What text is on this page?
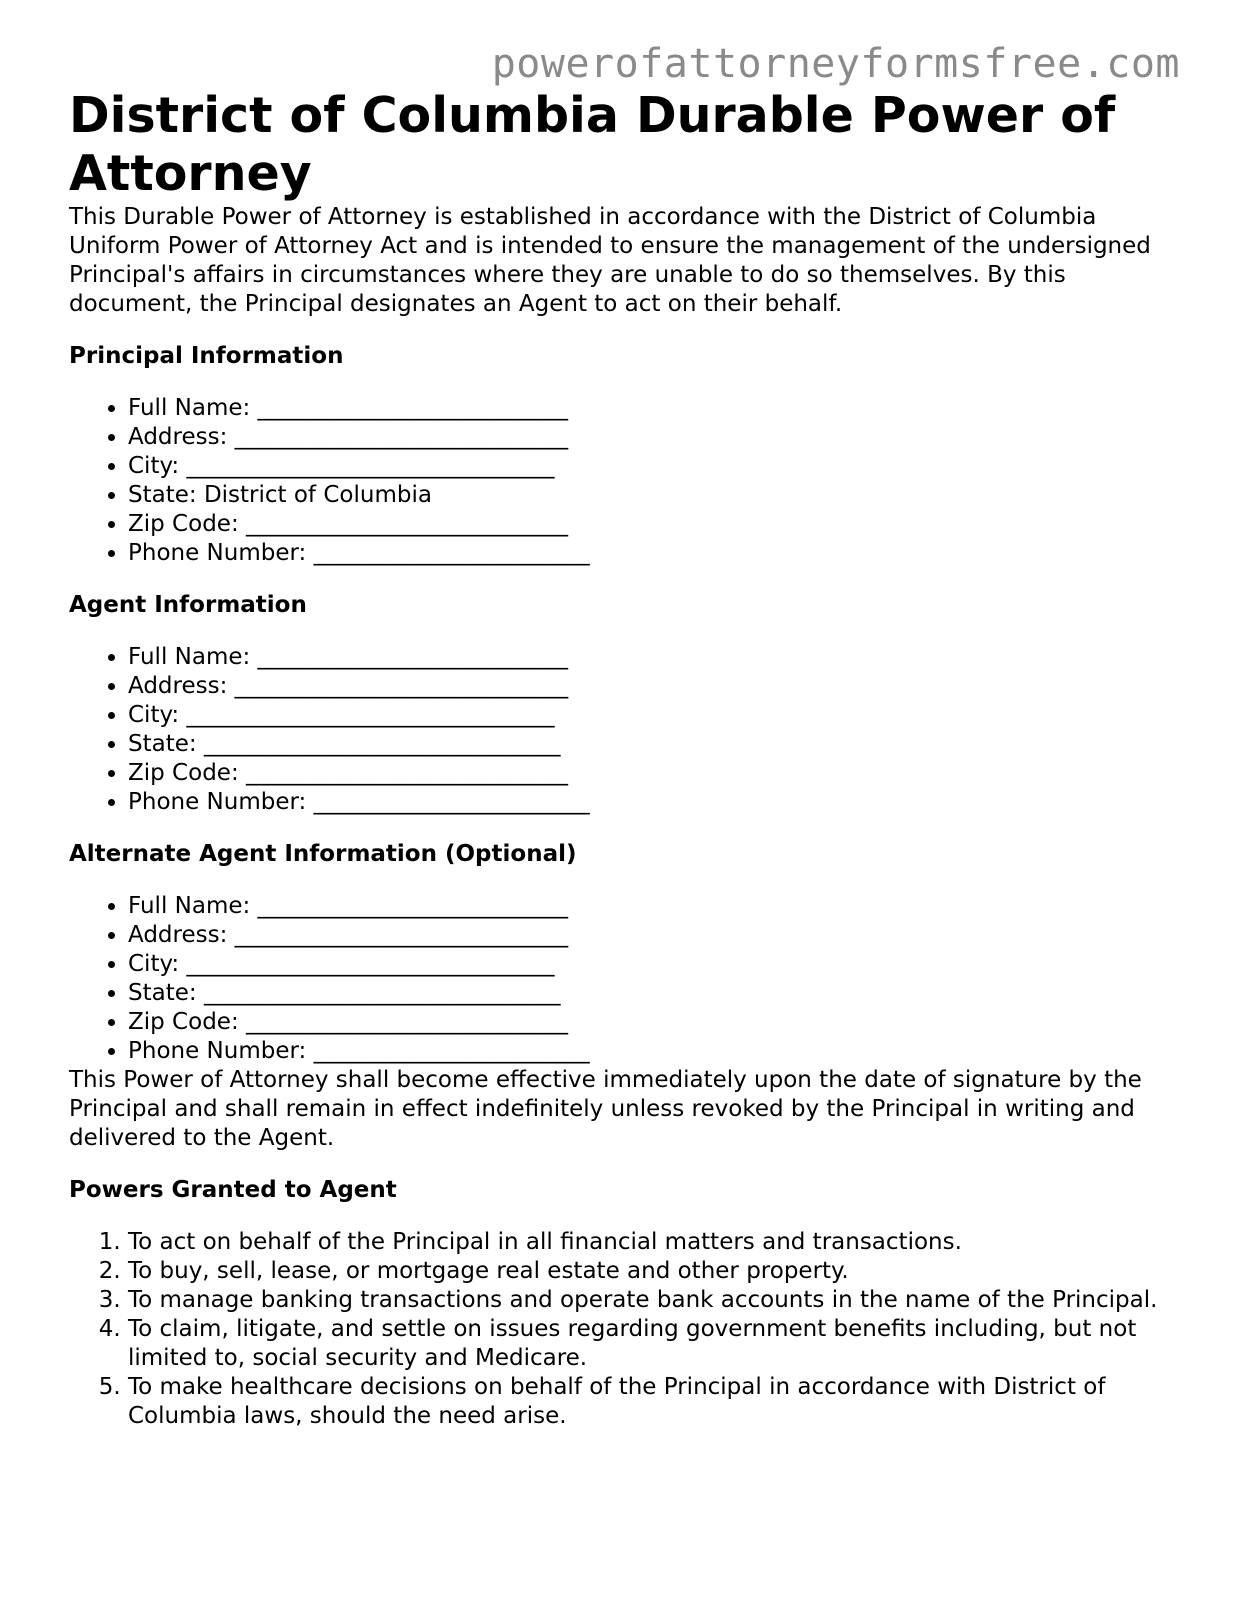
powerofattorneyformsfree.com
District of Columbia Durable Power of Attorney

This Durable Power of Attorney is established in accordance with the District of Columbia Uniform Power of Attorney Act and is intended to ensure the management of the undersigned Principal's affairs in circumstances where they are unable to do so themselves. By this document, the Principal designates an Agent to act on their behalf.

Principal Information
• Full Name: ___________________________
• Address: _____________________________
• City: ________________________________
• State: District of Columbia
• Zip Code: ____________________________
• Phone Number: ________________________
Agent Information
• Full Name: ___________________________
• Address: _____________________________
• City: ________________________________
• State: _______________________________
• Zip Code: ____________________________
• Phone Number: ________________________
Alternate Agent Information (Optional)
• Full Name: ___________________________
• Address: _____________________________
• City: ________________________________
• State: _______________________________
• Zip Code: ____________________________
• Phone Number: ________________________

This Power of Attorney shall become effective immediately upon the date of signature by the Principal and shall remain in effect indefinitely unless revoked by the Principal in writing and delivered to the Agent.

Powers Granted to Agent
1. To act on behalf of the Principal in all financial matters and transactions.
2. To buy, sell, lease, or mortgage real estate and other property.
3. To manage banking transactions and operate bank accounts in the name of the Principal.
4. To claim, litigate, and settle on issues regarding government benefits including, but not limited to, social security and Medicare.
5. To make healthcare decisions on behalf of the Principal in accordance with District of Columbia laws, should the need arise.
